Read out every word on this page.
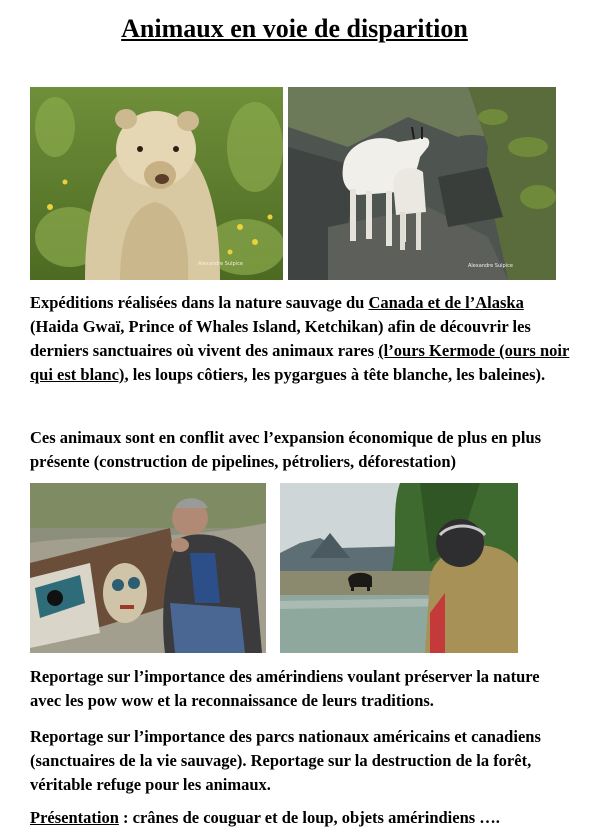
Animaux en voie de disparition
Alexandre Sulpice	Alexandre Sulpice
Expéditions réalisées dans la nature sauvage du Canada et de l’Alaska (Haida Gwaï, Prince of Whales Island, Ketchikan) afin de découvrir les derniers sanctuaires où vivent des animaux rares (l’ours Kermode (ours noir qui est blanc), les loups côtiers, les pygargues à tête blanche, les baleines).
Ces animaux sont en conflit avec l’expansion économique de plus en plus présente (construction de pipelines, pétroliers, déforestation)
Reportage sur l’importance des amérindiens voulant préserver la nature avec les pow wow et la reconnaissance de leurs traditions.
Reportage sur l’importance des parcs nationaux américains et canadiens (sanctuaires de la vie sauvage). Reportage sur la destruction de la forêt, véritable refuge pour les animaux.
Présentation : crânes de couguar et de loup, objets amérindiens ….
